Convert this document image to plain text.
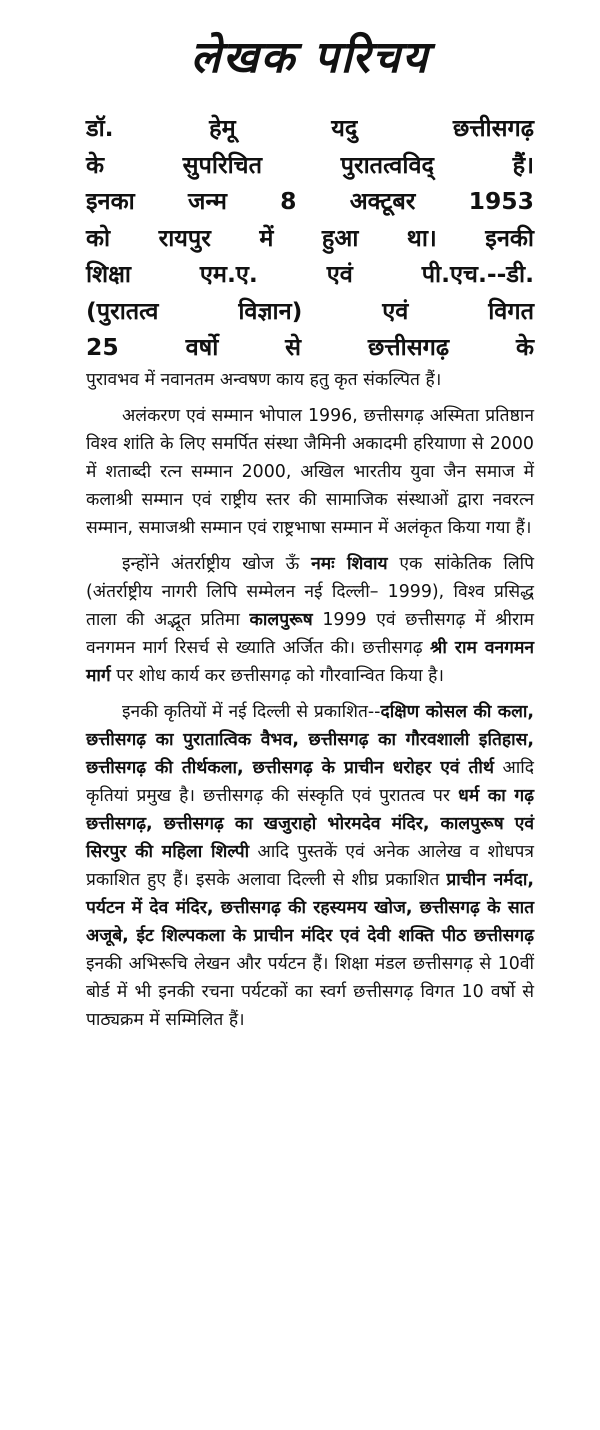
लेखक परिचय
डॉ. हेमू यदु छत्तीसगढ़
के सुपरिचित पुरातत्वविद् हैं।
इनका जन्म 8 अक्टूबर 1953
को रायपुर में हुआ था। इनकी
शिक्षा एम.ए. एवं पी.एच.--डी.
(पुरातत्व विज्ञान) एवं विगत
25 वर्षो से छत्तीसगढ़ के

पुरावभव में नवानतम अन्वषण काय हतु कृत संकल्पित हैं।

अलंकरण एवं सम्मान भोपाल 1996, छत्तीसगढ़ अस्मिता प्रतिष्ठान विश्व शांति के लिए समर्पित संस्था जैमिनी अकादमी हरियाणा से 2000 में शताब्दी रत्न सम्मान 2000, अखिल भारतीय युवा जैन समाज में कलाश्री सम्मान एवं राष्ट्रीय स्तर की सामाजिक संस्थाओं द्वारा नवरत्न सम्मान, समाजश्री सम्मान एवं राष्ट्रभाषा सम्मान में अलंकृत किया गया हैं।

इन्होंने अंतर्राष्ट्रीय खोज ऊँ नमः शिवाय एक सांकेतिक लिपि (अंतर्राष्ट्रीय नागरी लिपि सम्मेलन नई दिल्ली– 1999), विश्व प्रसिद्ध ताला की अद्भूत प्रतिमा कालपुरूष 1999 एवं छत्तीसगढ़ में श्रीराम वनगमन मार्ग रिसर्च से ख्याति अर्जित की। छत्तीसगढ़ श्री राम वनगमन मार्ग पर शोध कार्य कर छत्तीसगढ़ को गौरवान्वित किया है।

इनकी कृतियों में नई दिल्ली से प्रकाशित--दक्षिण कोसल की कला, छत्तीसगढ़ का पुरातात्विक वैभव, छत्तीसगढ़ का गौरवशाली इतिहास, छत्तीसगढ़ की तीर्थकला, छत्तीसगढ़ के प्राचीन धरोहर एवं तीर्थ आदि कृतियां प्रमुख है। छत्तीसगढ़ की संस्कृति एवं पुरातत्व पर धर्म का गढ़ छत्तीसगढ़, छत्तीसगढ़ का खजुराहो भोरमदेव मंदिर, कालपुरूष एवं सिरपुर की महिला शिल्पी आदि पुस्तकें एवं अनेक आलेख व शोधपत्र प्रकाशित हुए हैं। इसके अलावा दिल्ली से शीघ्र प्रकाशित प्राचीन नर्मदा, पर्यटन में देव मंदिर, छत्तीसगढ़ की रहस्यमय खोज, छत्तीसगढ़ के सात अजूबे, ईट शिल्पकला के प्राचीन मंदिर एवं देवी शक्ति पीठ छत्तीसगढ़ इनकी अभिरूचि लेखन और पर्यटन हैं। शिक्षा मंडल छत्तीसगढ़ से 10वीं बोर्ड में भी इनकी रचना पर्यटकों का स्वर्ग छत्तीसगढ़ विगत 10 वर्षो से पाठ्यक्रम में सम्मिलित हैं।
